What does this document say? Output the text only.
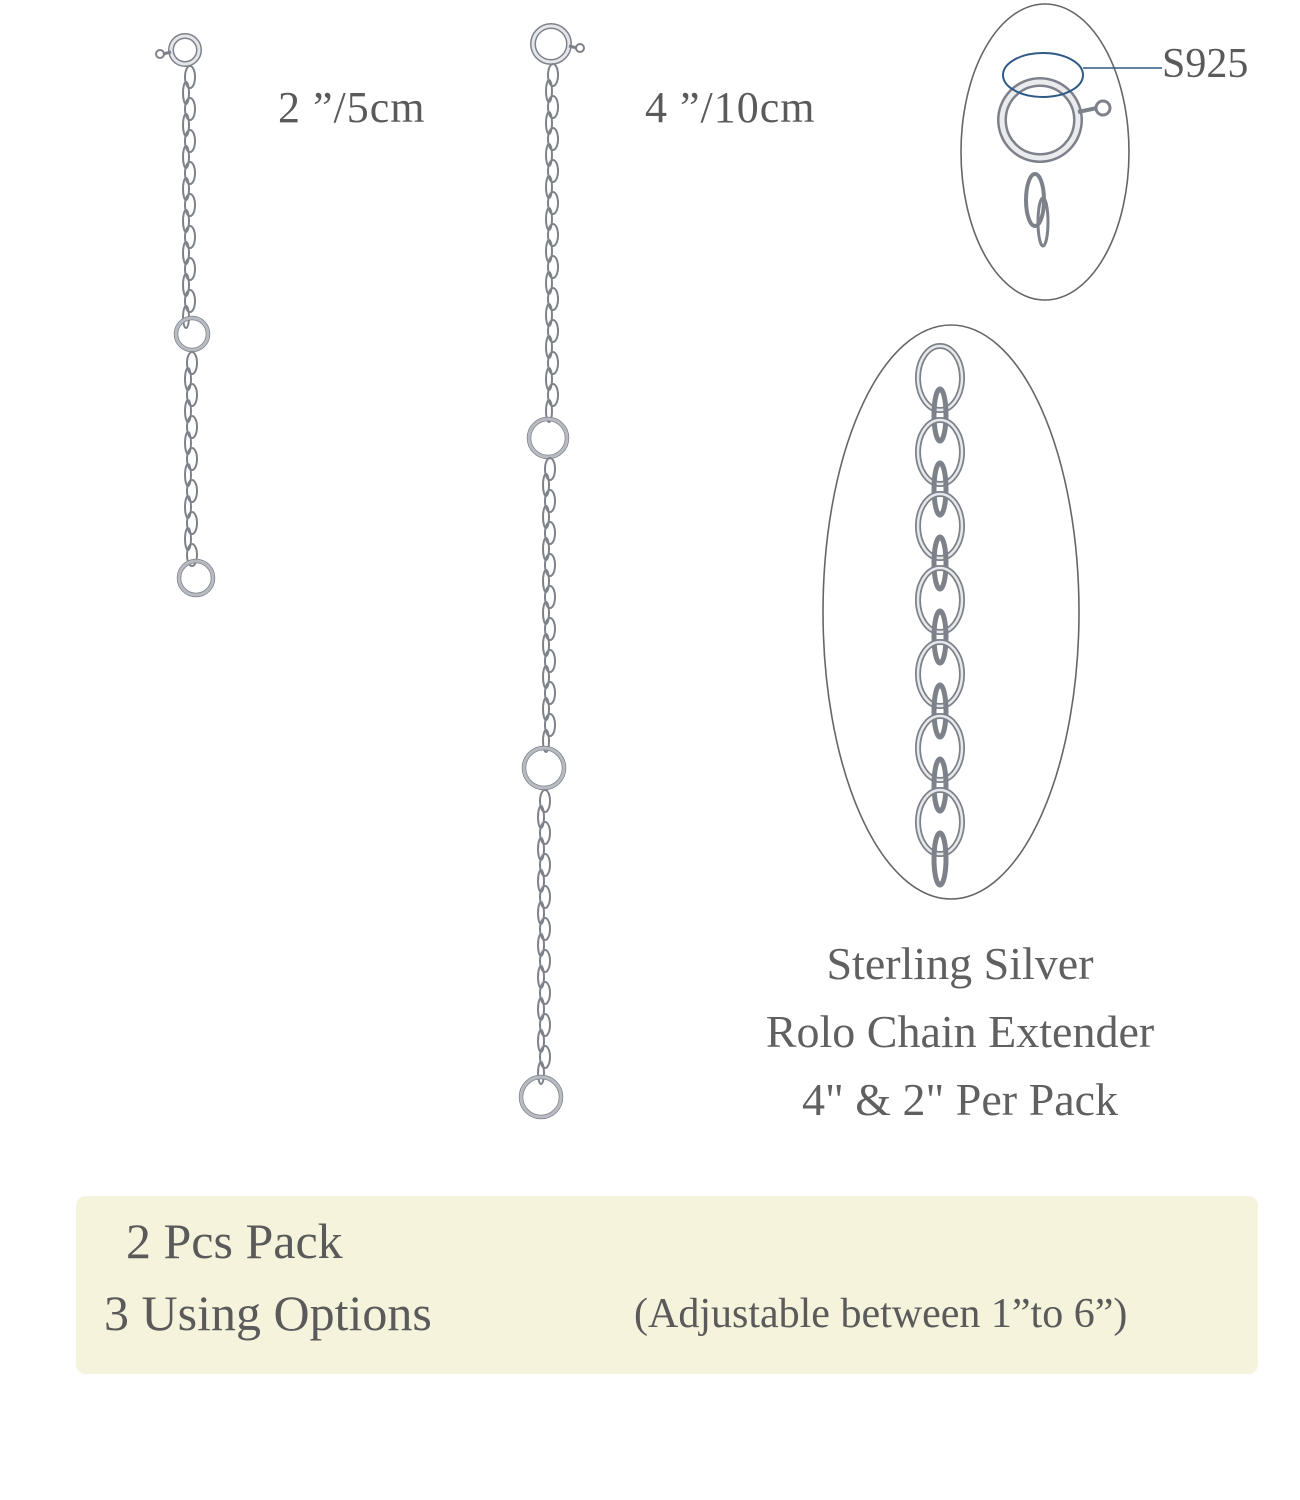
2 ”/5cm	4 ”/10cm
S925
Sterling Silver
Rolo Chain Extender
4" & 2" Per Pack
2 Pcs Pack
3 Using Options	(Adjustable between 1”to 6”)
